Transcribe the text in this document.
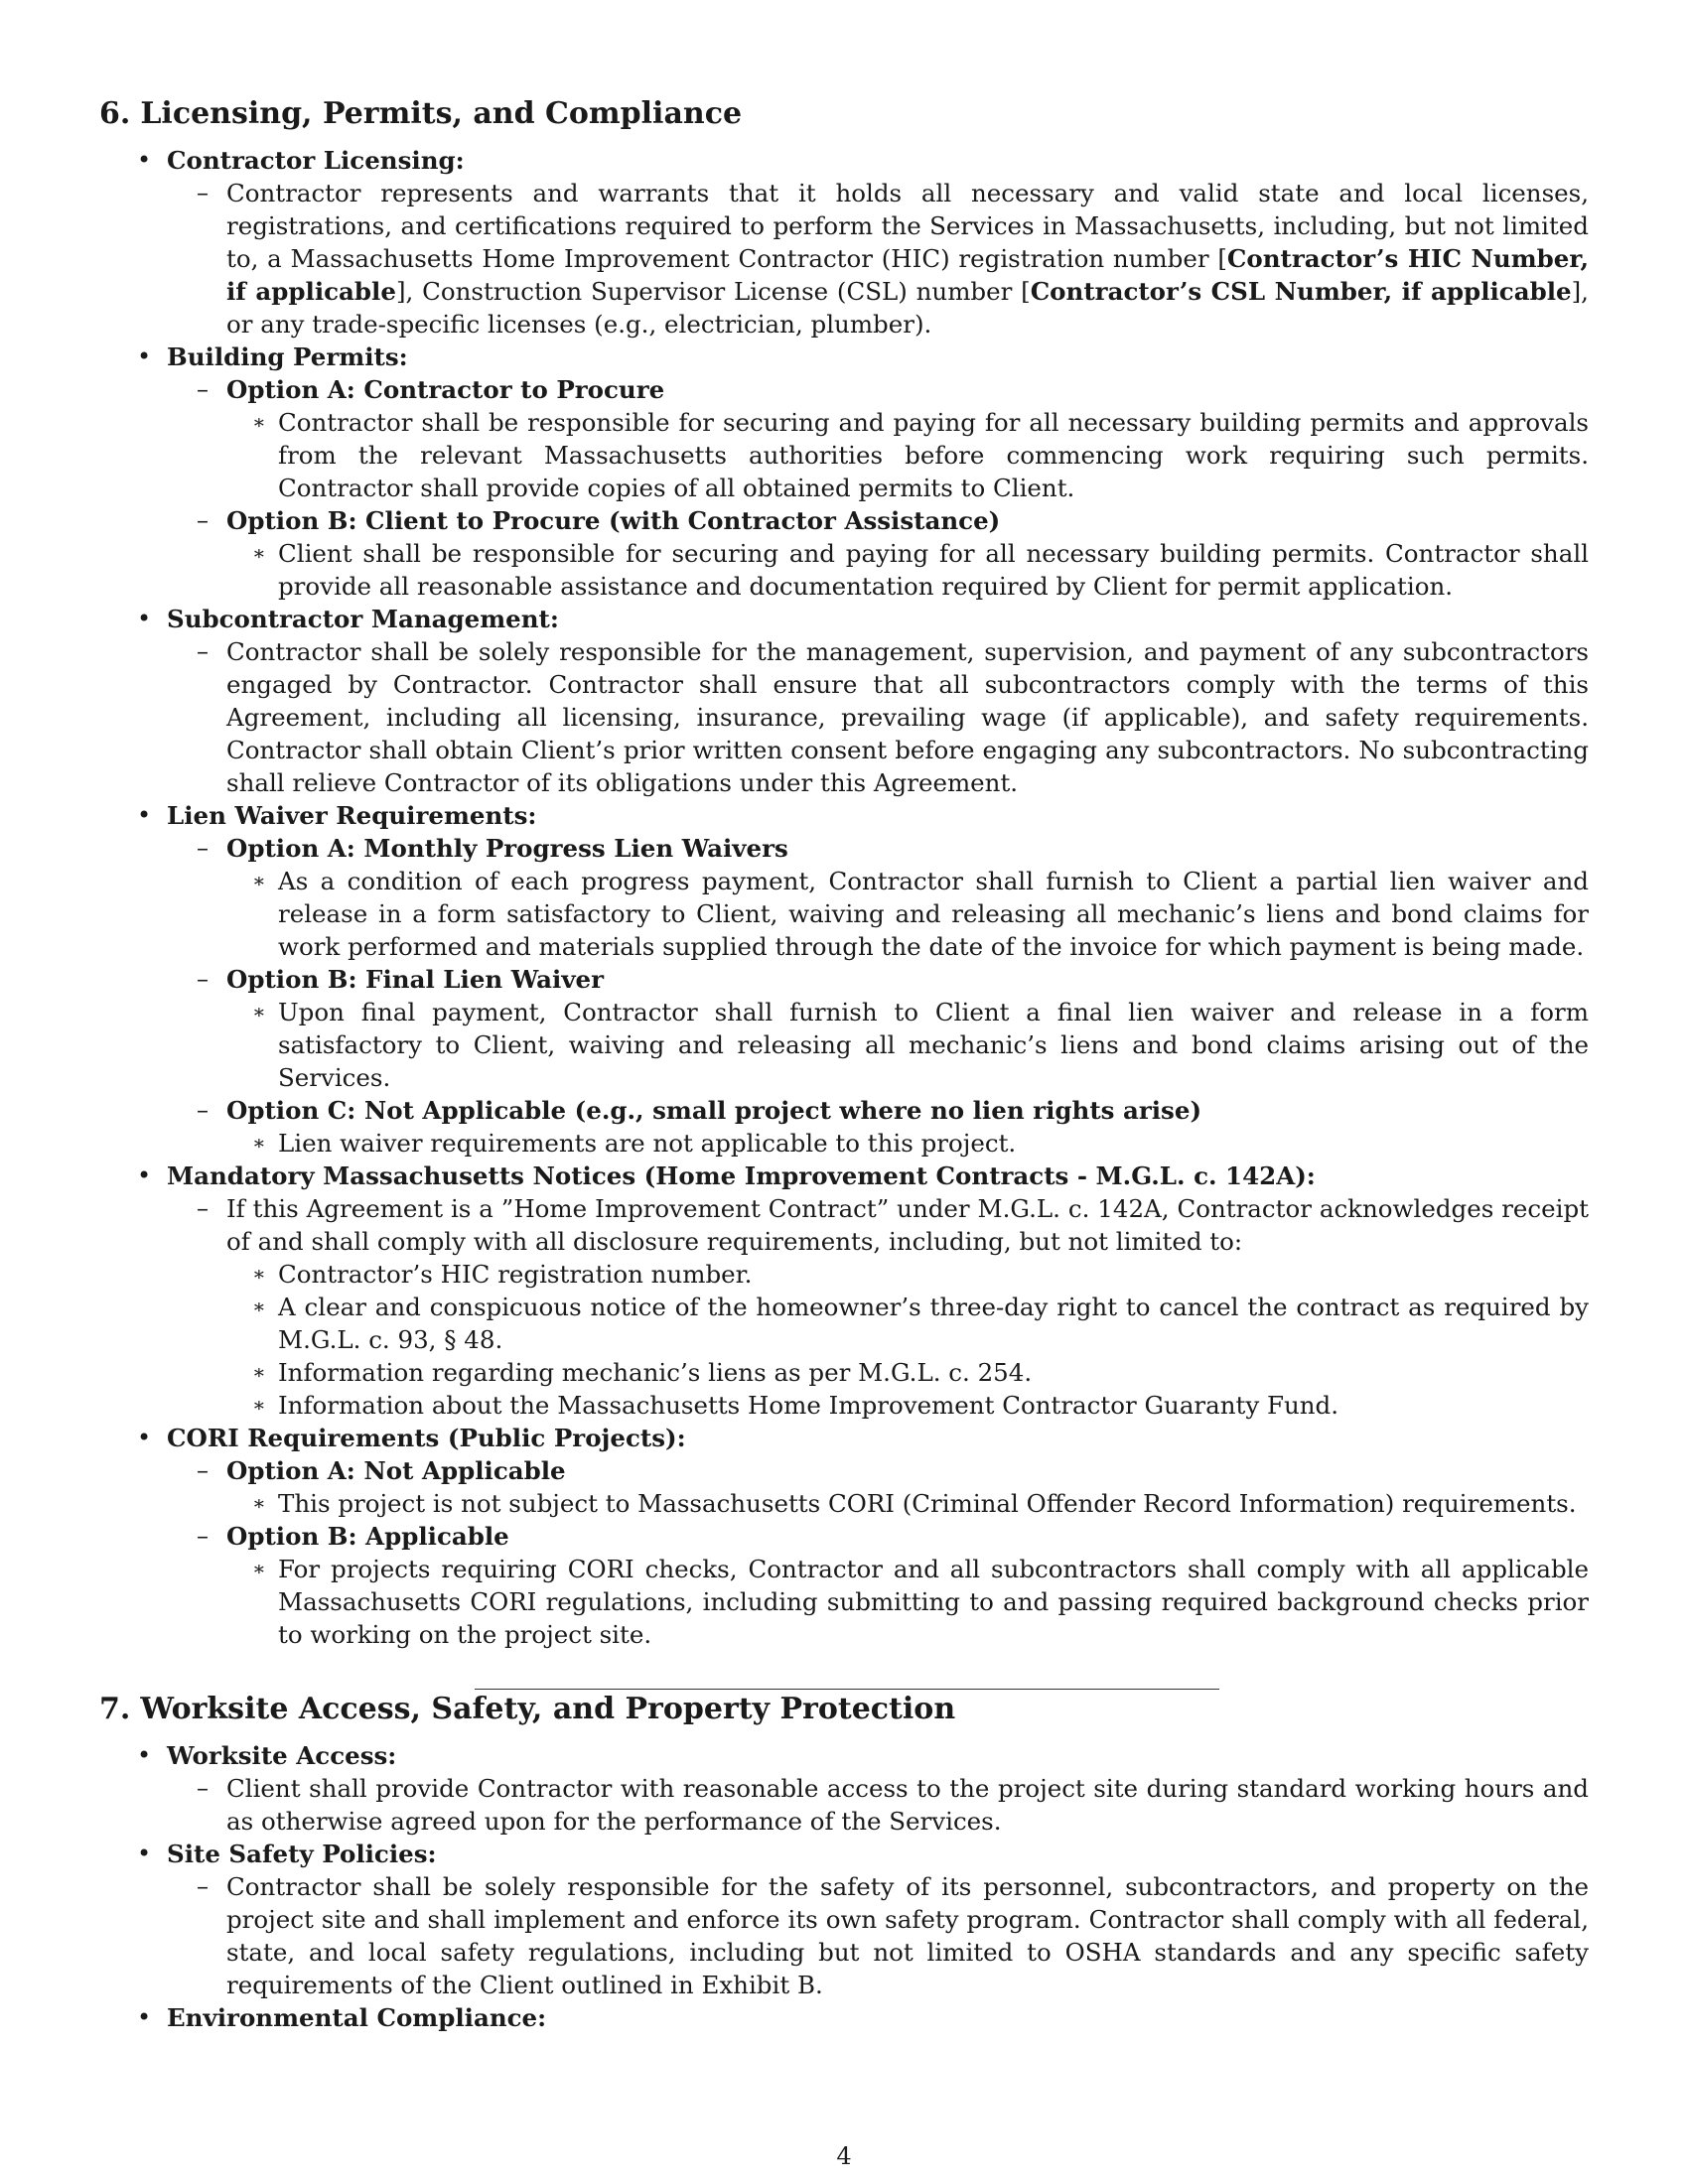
6. Licensing, Permits, and Compliance
• Contractor Licensing:
– Contractor represents and warrants that it holds all necessary and valid state and local licenses, registrations, and certifications required to perform the Services in Massachusetts, including, but not limited to, a Massachusetts Home Improvement Contractor (HIC) registration number [Contractor’s HIC Number, if applicable], Construction Supervisor License (CSL) number [Contractor’s CSL Number, if applicable], or any trade-specific licenses (e.g., electrician, plumber).
• Building Permits:
– Option A: Contractor to Procure
∗ Contractor shall be responsible for securing and paying for all necessary building permits and approvals from the relevant Massachusetts authorities before commencing work requiring such permits. Contractor shall provide copies of all obtained permits to Client.
– Option B: Client to Procure (with Contractor Assistance)
∗ Client shall be responsible for securing and paying for all necessary building permits. Contractor shall provide all reasonable assistance and documentation required by Client for permit application.
• Subcontractor Management:
– Contractor shall be solely responsible for the management, supervision, and payment of any subcontractors engaged by Contractor. Contractor shall ensure that all subcontractors comply with the terms of this Agreement, including all licensing, insurance, prevailing wage (if applicable), and safety requirements. Contractor shall obtain Client’s prior written consent before engaging any subcontractors. No subcontracting shall relieve Contractor of its obligations under this Agreement.
• Lien Waiver Requirements:
– Option A: Monthly Progress Lien Waivers
∗ As a condition of each progress payment, Contractor shall furnish to Client a partial lien waiver and release in a form satisfactory to Client, waiving and releasing all mechanic’s liens and bond claims for work performed and materials supplied through the date of the invoice for which payment is being made.
– Option B: Final Lien Waiver
∗ Upon final payment, Contractor shall furnish to Client a final lien waiver and release in a form satisfactory to Client, waiving and releasing all mechanic’s liens and bond claims arising out of the Services.
– Option C: Not Applicable (e.g., small project where no lien rights arise)
∗ Lien waiver requirements are not applicable to this project.
• Mandatory Massachusetts Notices (Home Improvement Contracts - M.G.L. c. 142A):
– If this Agreement is a ”Home Improvement Contract” under M.G.L. c. 142A, Contractor acknowledges receipt of and shall comply with all disclosure requirements, including, but not limited to:
∗ Contractor’s HIC registration number.
∗ A clear and conspicuous notice of the homeowner’s three-day right to cancel the contract as required by M.G.L. c. 93, § 48.
∗ Information regarding mechanic’s liens as per M.G.L. c. 254.
∗ Information about the Massachusetts Home Improvement Contractor Guaranty Fund.
• CORI Requirements (Public Projects):
– Option A: Not Applicable
∗ This project is not subject to Massachusetts CORI (Criminal Offender Record Information) requirements.
– Option B: Applicable
∗ For projects requiring CORI checks, Contractor and all subcontractors shall comply with all applicable Massachusetts CORI regulations, including submitting to and passing required background checks prior to working on the project site.
7. Worksite Access, Safety, and Property Protection
• Worksite Access:
– Client shall provide Contractor with reasonable access to the project site during standard working hours and as otherwise agreed upon for the performance of the Services.
• Site Safety Policies:
– Contractor shall be solely responsible for the safety of its personnel, subcontractors, and property on the project site and shall implement and enforce its own safety program. Contractor shall comply with all federal, state, and local safety regulations, including but not limited to OSHA standards and any specific safety requirements of the Client outlined in Exhibit B.
• Environmental Compliance:
4
